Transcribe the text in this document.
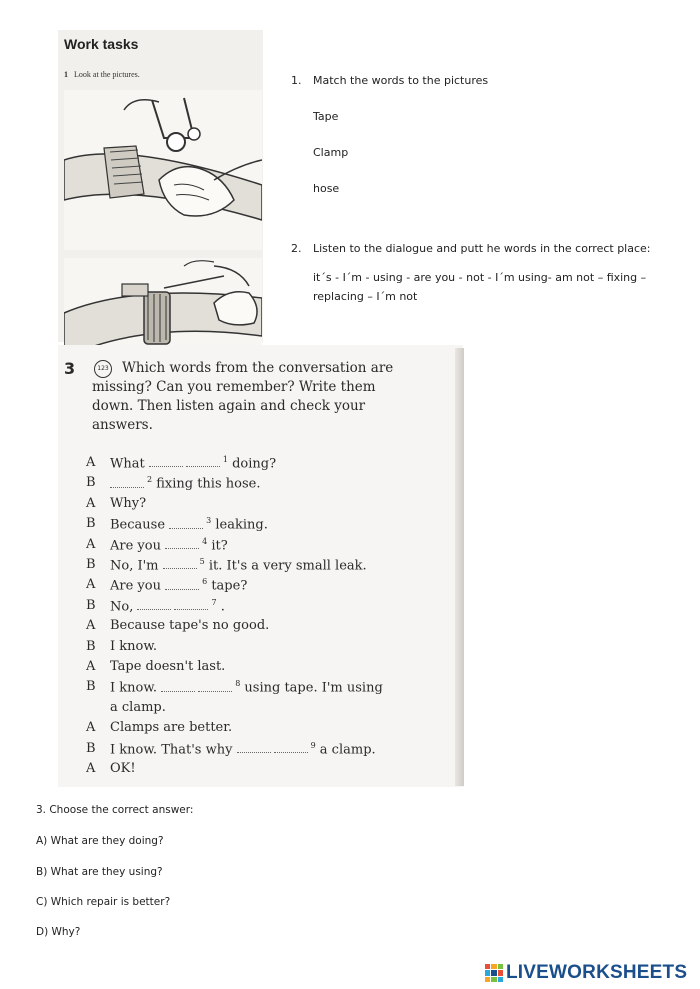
Work tasks
1 Look at the pictures.	1. Match the words to the pictures
Tape
Clamp
hose
2. Listen to the dialogue and putt he words in the correct place:
it´s - I´m - using - are you - not - I´m using- am not – fixing –
replacing – I´m not
3	123 Which words from the conversation are
missing? Can you remember? Write them
down. Then listen again and check your
answers.
A	What	$^1$ doing?
B	$^2$ fixing this hose.
A	Why?
B	Because	$^3$ leaking.
A	Are you	$^4$ it?
B	No, I'm	$^5$ it. It's a very small leak.
A	Are you	$^6$ tape?
B	No,	$^7$ .
A	Because tape's no good.
B	I know.
A	Tape doesn't last.
B	I know.	$^8$ using tape. I'm using
a clamp.
A	Clamps are better.
B	I know. That's why	$^9$ a clamp.
A	OK!
3. Choose the correct answer:
A) What are they doing?
B) What are they using?
C) Which repair is better?
D) Why?
LIVEWORKSHEETS
